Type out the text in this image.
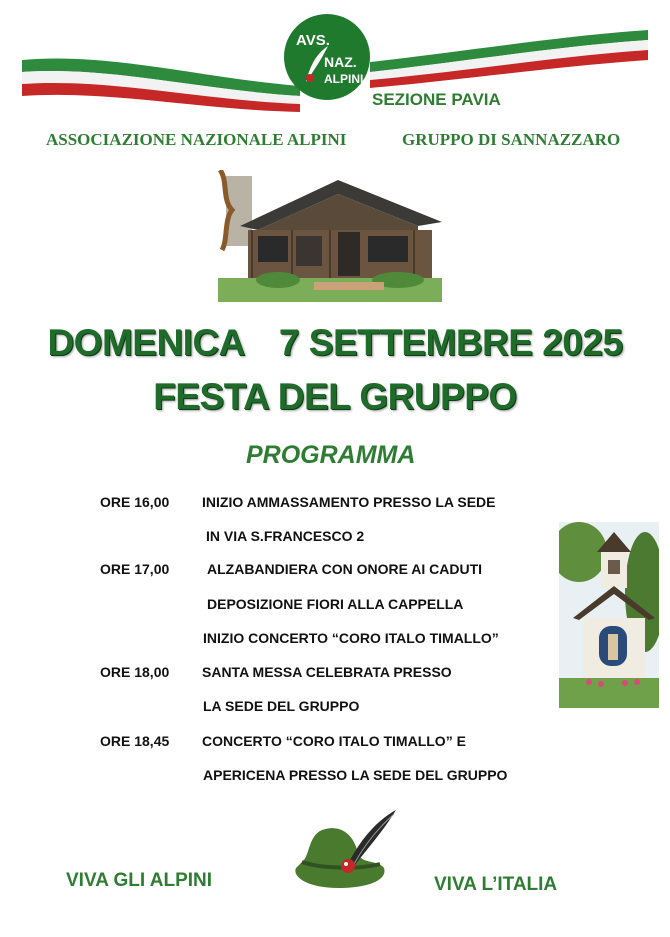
AVS.
NAZ.
ALPINI
SEZIONE PAVIA
ASSOCIAZIONE NAZIONALE ALPINI	GRUPPO DI SANNAZZARO
DOMENICA 7 SETTEMBRE 2025
FESTA DEL GRUPPO
PROGRAMMA
ORE 16,00 INIZIO AMMASSAMENTO PRESSO LA SEDE
IN VIA S.FRANCESCO 2
ORE 17,00	ALZABANDIERA CON ONORE AI CADUTI
DEPOSIZIONE FIORI ALLA CAPPELLA
INIZIO CONCERTO “CORO ITALO TIMALLO”
ORE 18,00 SANTA MESSA CELEBRATA PRESSO
LA SEDE DEL GRUPPO
ORE 18,45 CONCERTO “CORO ITALO TIMALLO” E
APERICENA PRESSO LA SEDE DEL GRUPPO
VIVA GLI ALPINI	VIVA L’ITALIA
